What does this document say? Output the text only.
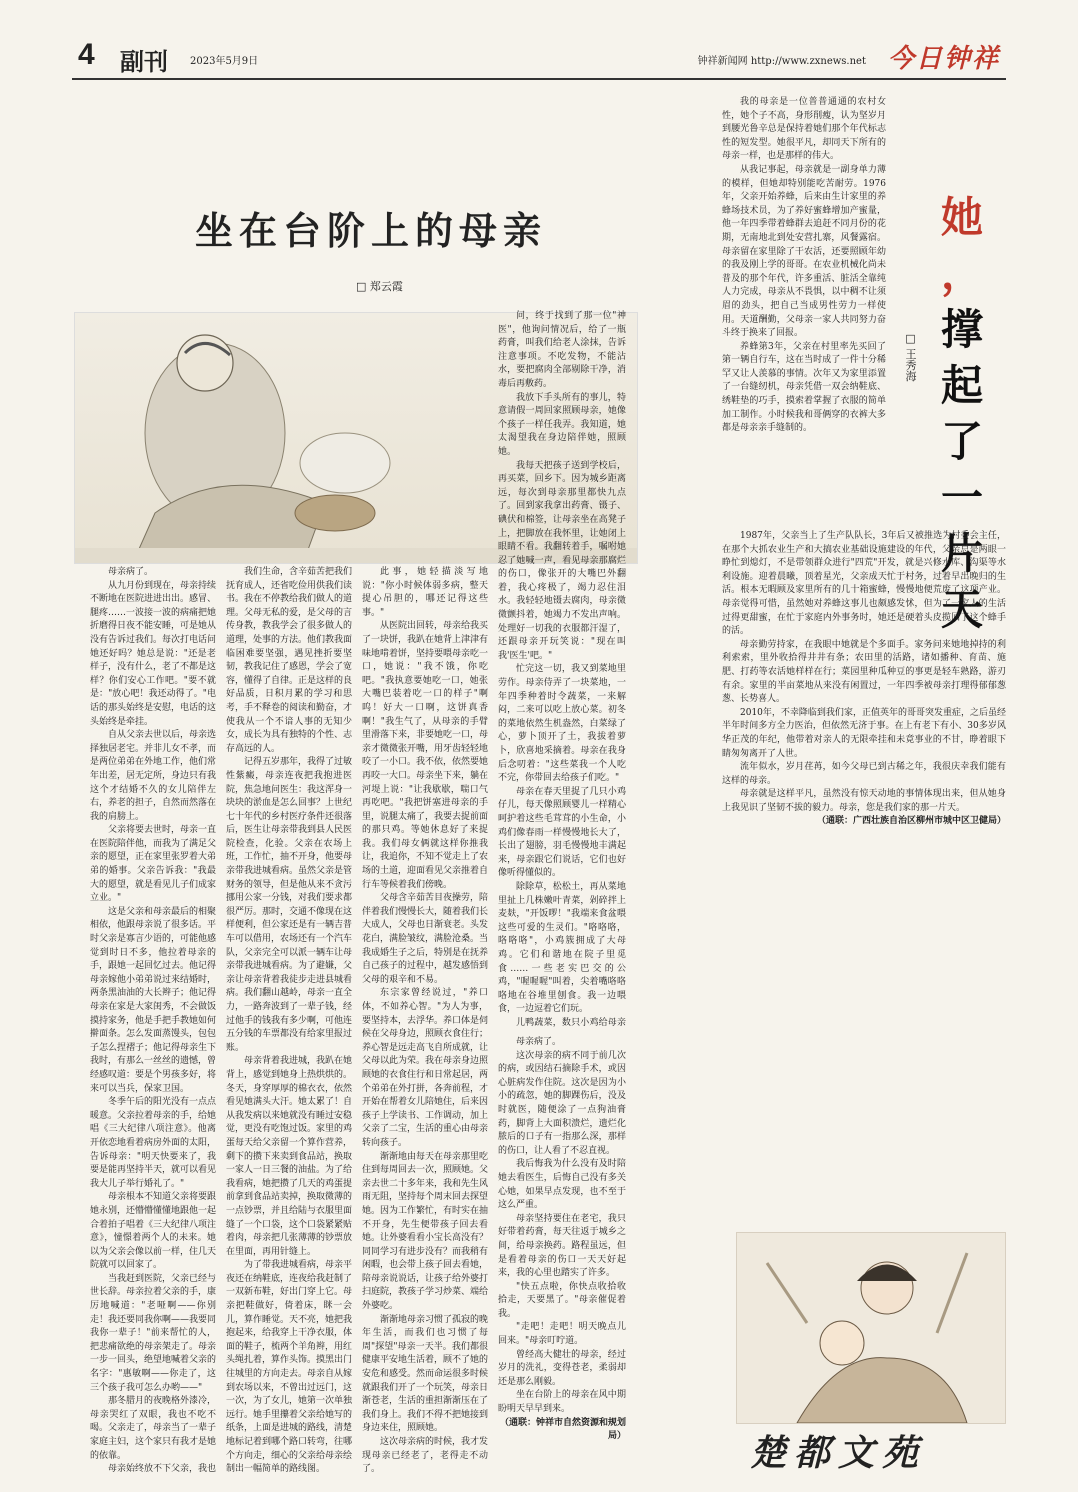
4 副刊 2023年5月9日	钟祥新闻网 http://www.zxnews.net 今日钟祥
坐在台阶上的母亲
□ 郑云霞

母亲病了。

从九月份到现在，母亲持续不断地在医院进进出出。感冒、腿疼……一波接一波的病痛把她折磨得日夜不能安睡，可是她从没有告诉过我们。每次打电话问她还好吗？她总是说："还是老样子，没有什么，老了不都是这样？你们安心工作吧。"要不就是："放心吧！我还动得了。"电话的那头始终是安慰，电话的这头始终是牵挂。

自从父亲去世以后，母亲选择独居老宅。并非儿女不孝，而是两位弟弟在外地工作，他们常年出差，居无定所，身边只有我这个才结婚不久的女儿陪伴左右，养老的担子，自然而然落在我的肩膀上。

父亲将要去世时，母亲一直在医院陪伴他，而我为了满足父亲的愿望，正在家里张罗着大弟弟的婚事。父亲告诉我："我最大的愿望，就是看见儿子们成家立业。"

这是父亲和母亲最后的相聚相依，他跟母亲说了很多话。平时父亲是寡言少语的，可能他感觉到时日不多，他拉着母亲的手，跟她一起回忆过去。他记得母亲嫁他小弟弟说过来结婚时，两条黑油油的大长辫子；他记得母亲在家是大家闺秀，不会做饭摸持家务，他是手把手教她如何擀面条。怎么发面蒸馒头，包包子怎么捏褶子；他记得母亲生下我时，有那么一丝丝的遗憾，曾经感叹道：要是个男孩多好，将来可以当兵，保家卫国。

冬季午后的阳光没有一点点暖意。父亲拉着母亲的手，给她唱《三大纪律八项注意》。他离开依恋地看着病房外面的太阳，告诉母亲："明天快要来了，我要是能再坚持半天，就可以看见我大儿子举行婚礼了。"

母亲根本不知道父亲将要跟她永别，还懵懵懂懂地跟他一起合着拍子唱着《三大纪律八项注意》，憧憬着两个人的未来。她以为父亲会像以前一样，住几天院就可以回家了。

当我赶到医院，父亲已经与世长辞。母亲拉着父亲的手，康厉地喊道："老哑啊——你别走！我还要同我你啊——我要同我你一辈子！"前来帮忙的人，把悲痛欲绝的母亲架走了。母亲一步一回头，绝望地喊着父亲的名字："惠敏啊——你走了，这三个孩子我可怎么办哟——"

那冬腊月的夜晚格外漆冷，母亲哭红了双眼，我也不吃不喝。父亲走了，母亲当了一辈子家庭主妇，这个家只有我才是她的依靠。

母亲始终放不下父亲，我也

我们生命，含辛茹苦把我们抚育成人，还省吃俭用供我们读书。我在不停教给我们做人的道理。父母无私的爱，是父母的言传身教，教我学会了很多做人的道理，处事的方法。他们教我面临困难要坚强，遇见挫折要坚韧，教我记住了感恩，学会了宽容，懂得了自律。正是这样的良好品质，日积月累的学习和思考，手不释卷的阅读和勤奋，才使我从一个不谙人事的无知少女，成长为具有独特的个性、志存高远的人。

记得五岁那年，我得了过敏性紫癜，母亲连夜把我抱进医院，焦急地问医生：我这浑身一块块的淤血是怎么回事？上世纪七十年代的乡村医疗条件还很落后，医生让母亲带我到县人民医院检查，化验。父亲在农场上班，工作忙，抽不开身，他要母亲带我进城看病。虽然父亲是管财务的领导，但是他从来不贪污挪用公家一分钱，对我们要求都很严厉。那时，交通不像现在这样便利，但公家还是有一辆吉普车可以借用，农场还有一个汽车队，父亲完全可以派一辆车让母亲带我进城看病。为了避嫌，父亲让母亲背着我徒步走进县城看病。我们翻山越岭，母亲一直全力，一路奔波到了一辈子钱，经过他手的钱我有多少啊，可他连五分钱的车票都没有给家里报过账。

母亲背着我进城，我趴在她背上，感觉到她身上热烘烘的。冬天，身穿厚厚的棉衣衣，依然看见她满头大汗。她太累了！自从我发病以来她就没有睡过安稳觉，更没有吃饱过饭。家里的鸡蛋每天给父亲留一个算作营养，剩下的攒下来卖到食品站，换取一家人一日三餐的油盐。为了给我看病，她把攒了几天的鸡蛋提前拿到食品站卖掉，换取微薄的一点钞票，并且给陆与衣服里面缝了一个口袋，这个口袋紧紧贴着肉，母亲把几张薄薄的钞票放在里面，再用针缝上。

为了带我进城看病，母亲平夜还在纳鞋底，连夜给我赶制了一双新布鞋，好出门穿上它。母亲把鞋做好，倚着床，眯一会儿，算作睡觉。天不亮，她把我抱起来，给我穿上干净衣服，体面的鞋子，梳两个羊角辫，用红头绳扎着，算作头饰。摸黑出门往城里的方向走去。母亲自从嫁到农场以来，不曾出过远门，这一次，为了女儿，她第一次单独远行。她手里攥着父亲给她写的纸条，上面是进城的路线，清楚地标记着到哪个路口转弯，往哪个方向走，细心的父亲给母亲绘制出一幅简单的路线图。

此事，她轻描淡写地说："你小时候体弱多病，整天提心吊胆的，哪还记得这些事。"

从医院出回转，母亲给我买了一块饼，我趴在她背上津津有味地啃着饼，坚持要喂母亲吃一口，她说："我不饿，你吃吧。"我执意要她吃一口，她张大嘴巴装着吃一口的样子"啊呜！好大一口啊，这饼真香啊！"我生气了，从母亲的手臂里滑落下来，非要她吃一口，母亲才微微张开嘴，用牙齿轻轻地咬了一小口。我不依，依然要她再咬一大口。母亲坐下来，躺在河堤上说："让我歇歇，喘口气再吃吧。"我把饼塞进母亲的手里，说腿太痛了，我要去捉前面的那只鸡。等她休息好了来捉我。我们母女俩就这样你推我让，我追你，不知不觉走上了农场的土道，迎面看见父亲推着自行车等候着我们傍晚。

父母含辛茹苦目夜操劳，陪伴着我们慢慢长大，随着我们长大成人，父母也日渐衰老。头发花白，满脸皱纹，满脸沧桑。当我成婚生子之后，特别是在抚养自己孩子的过程中，越发感悟到父母的艰辛和不易。

东宗家曾经说过，"养口体，不如养心智。"为人为事，要坚持本，去浮华。养口体是伺候在父母身边，照顾衣食住行；养心智是远走高飞自所成就，让父母以此为荣。我在母亲身边照顾她的衣食住行和日常起居，两个弟弟在外打拼，各奔前程，才开始在帮着女儿陪她住，后来因孩子上学读书、工作调动，加上父亲了二宝，生活的重心由母亲转向孩子。

渐渐地由每天在母亲那里吃住到每周回去一次，照顾她。父亲去世二十多年来，我和先生风雨无阻，坚持每个周末回去探望她。因为工作繁忙，有时实在抽不开身，先生便带孩子回去看她。让外婆看看小宝长高没有？同同学习有进步没有？而我稍有闲暇，也会带上孩子回去看她，陪母亲说说话，让孩子给外婆打扫庭院，教孩子学习炒菜、端给外婆吃。

渐渐地母亲习惯了孤寂的晚年生活，而我们也习惯了每周"探望"母亲一天半。我们都很健康平安地生活着，顾不了她的安危和感受。然而命运很多时候就跟我们开了一个玩笑，母亲日渐苍老，生活的重担渐渐压在了我们身上。我们不得不把她接到身边来住，照顾她。

这次母亲病的时候，我才发现母亲已经老了，老得走不动了。

问，终于找到了那一位"神医"，他询问情况后，给了一瓶药膏，叫我们给老人涂抹，告诉注意事项。不吃发物，不能沾水，要把腐肉全部剔除干净，消毒后再敷药。

我放下手头所有的事儿，特意请假一周回家照顾母亲，她像个孩子一样任我弄。我知道，她太渴望我在身边陪伴她，照顾她。

我每天把孩子送到学校后，再买菜，回乡下。因为城乡距离远，每次到母亲那里都快九点了。回到家我拿出药膏、镊子、碘伏和棉签，让母亲坐在高凳子上，把脚放在我怀里，让她闭上眼睛不看。我翻转着手，嘱咐她忍了她喊一声，看见母亲那腐烂的伤口，像张开的大嘴巴外翻着，我心疼极了，竭力忍住泪水。我轻轻地镊去腐肉，母亲微微颤抖着，她竭力不发出声响。处理好一切我的衣服都汗湿了，还跟母亲开玩笑说："现在叫我'医生'吧。"

忙完这一切，我又到菜地里劳作。母亲侍弄了一块菜地，一年四季种着时令蔬菜，一来解闷，二来可以吃上放心菜。初冬的菜地依然生机盎然，白菜绿了心，萝卜顶开了土，我拔着萝卜，欣喜地采摘着。母亲在我身后念叨着："这些菜我一个人吃不完，你带回去给孩子们吃。"

母亲在春天里捉了几只小鸡仔儿，每天像照顾婴儿一样精心呵护着这些毛茸茸的小生命，小鸡们像春雨一样慢慢地长大了，长出了翅膀，羽毛慢慢地丰满起来，母亲跟它们说话，它们也好像听得懂似的。

除除草，松松土，再从菜地里扯上几株嫩叶青菜，剁碎拌上麦麸，"开饭啰！"我端来食盆喂这些可爱的生灵们。"咯咯咯，咯咯咯"，小鸡簇拥成了大母鸡。它们和谐地在院子里觅食……一些老实巴交的公鸡，"喔喔喔"叫着，尖着嘴咯咯咯地在谷堆里刨食。我一边喂食，一边逗着它们玩。

儿鸭蔬菜，数只小鸡给母亲

母亲病了。

这次母亲的病不同于前几次的病，或因结石摘除手术，或因心脏病发作住院。这次是因为小小的疏忽，她的脚踝伤后，没及时就医，随便涂了一点狗油膏药，脚背上大面积溃烂，遗烂化脓后的口子有一指那么深，那样的伤口，让人看了不忍直视。

我后悔我为什么没有及时陪她去看医生，后悔自己没有多关心她，如果早点发现，也不至于这么严重。

母亲坚持要住在老宅，我只好带着药膏，每天往返于城乡之间，给母亲换药。路程虽远，但是看着母亲的伤口一天天好起来，我的心里也踏实了许多。

"快五点啦，你快点收拾收拾走，天要黑了。"母亲催促着我。

"走吧！走吧！明天晚点儿回来。"母亲叮咛道。

曾经高大健壮的母亲，经过岁月的洗礼，变得苍老，柔弱却还是那么刚毅。

坐在台阶上的母亲在风中期盼明天早早到来。

（通联：钟祥市自然资源和规划局）

我的母亲是一位普普通通的农村女性，她个子不高，身形削瘦，认为坚岁月到腰光鲁辛总是保持着她们那个年代标志性的短发型。她很平凡，却同天下所有的母亲一样，也是那样的伟大。

从我记事起，母亲就是一副身单力薄的模样，但她却特别能吃苦耐劳。1976年，父亲开始养蜂，后来由生计家里的养蜂场技术员，为了养好蜜蜂增加产蜜量，他一年四季带着蜂群去追赶不同月份的花期，无南地北到处安营扎寨，风餐露宿。母亲留在家里除了干农活，还要照顾年幼的我及刚上学的哥哥。在农业机械化尚未普及的那个年代，许多重活、脏活全靠纯人力完成，母亲从不畏惧，以中稠不让须眉的劲头，把自己当成男性劳力一样使用。天道酬勤，父母亲一家人共同努力奋斗终于换来了回报。

养蜂第3年，父亲在村里率先买回了第一辆自行车，这在当时成了一件十分稀罕又让人羡慕的事情。次年又为家里添置了一台缝纫机，母亲凭借一双会纳鞋底、绣鞋垫的巧手，摸索着掌握了衣服的简单加工制作。小时候我和哥俩穿的衣裤大多都是母亲亲手缝制的。

她
，
撑
起
了
一
片
天
□ 王秀海

1987年，父亲当上了生产队队长，3年后又被推选为村委会主任，在那个大抓农业生产和大搞农业基础设施建设的年代，父亲总是两眼一睁忙到熄灯，不是带领群众进行"四荒"开发，就是兴修水库、沟渠等水利设施。迎着晨曦，顶着星光，父亲成天忙于村务，过着早出晚归的生活。根本无暇顾及家里所有的几十箱蜜蜂，慢慢地便荒废了这项产业。母亲觉得可惜，虽然她对养蜂这事儿也颇感发怵，但为了一家人的生活过得更甜蜜，在忙于家庭内外事务时，她还是硬着头皮揽回了这个蜂手的活。

母亲勤劳持家，在我眼中她就是个多面手。家务问来她地掉持的利利索索，里外收拾得井井有条；农田里的活路，诸如播种、育苗、施肥、打药等农活她样样在行；菜园里种瓜种豆的事更是轻车熟路，游刃有余。家里的半亩菜地从来没有闲置过，一年四季被母亲打理得郁郁葱葱、长势喜人。

2010年，不幸降临到我们家，正值英年的哥哥突发重症，之后虽经半年时间多方全力医治，但依然无济于事。在上有老下有小、30多岁风华正茂的年纪，他带着对亲人的无限牵挂和未竟事业的不甘，睁着眼下睛匆匆离开了人世。

流年似水，岁月荏苒，如今父母已到古稀之年，我很庆幸我们能有这样的母亲。

母亲就是这样平凡，虽然没有惊天动地的事情体现出来，但从她身上我见识了坚韧不拔的毅力。母亲，您是我们家的那一片天。

（通联：广西壮族自治区柳州市城中区卫健局）

楚都文苑
